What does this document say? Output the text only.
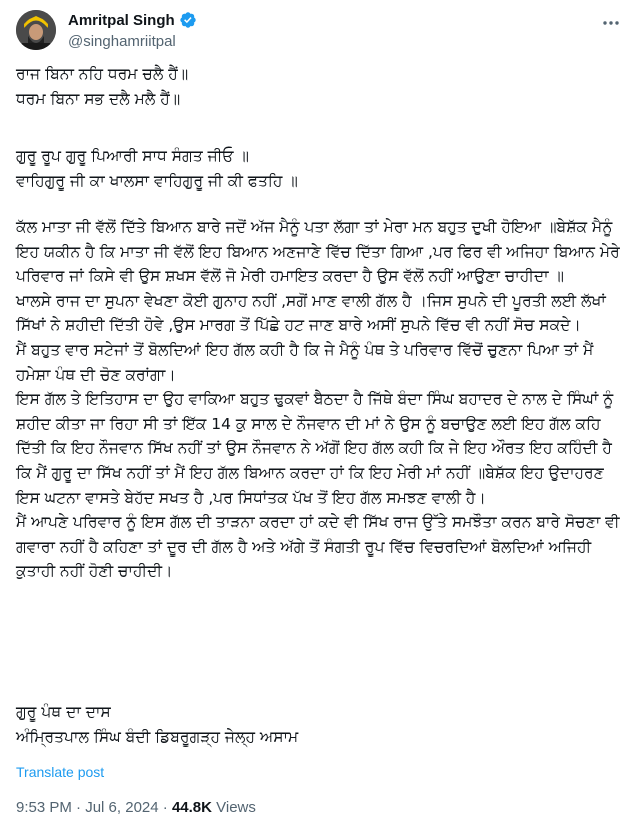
Amritpal Singh
@singhamriitpal
ਰਾਜ ਬਿਨਾ ਨਹਿ ਧਰਮ ਚਲੈ ਹੈਂ॥
ਧਰਮ ਬਿਨਾ ਸਭ ਦਲੈ ਮਲੈ ਹੈਂ॥
ਗੁਰੂ ਰੂਪ ਗੁਰੂ ਪਿਆਰੀ ਸਾਧ ਸੰਗਤ ਜੀਓ ॥
ਵਾਹਿਗੁਰੂ ਜੀ ਕਾ ਖਾਲਸਾ ਵਾਹਿਗੁਰੂ ਜੀ ਕੀ ਫਤਹਿ ॥
ਕੱਲ ਮਾਤਾ ਜੀ ਵੱਲੋਂ ਦਿੱਤੇ ਬਿਆਨ ਬਾਰੇ ਜਦੋਂ ਅੱਜ ਮੈਨੂੰ ਪਤਾ ਲੱਗਾ ਤਾਂ ਮੇਰਾ ਮਨ ਬਹੁਤ ਦੁਖੀ ਹੋਇਆ ॥ਬੇਸ਼ੱਕ ਮੈਨੂੰ ਇਹ ਯਕੀਨ ਹੈ ਕਿ ਮਾਤਾ ਜੀ ਵੱਲੋਂ ਇਹ ਬਿਆਨ ਅਣਜਾਣੇ ਵਿੱਚ ਦਿੱਤਾ ਗਿਆ ,ਪਰ ਫਿਰ ਵੀ ਅਜਿਹਾ ਬਿਆਨ ਮੇਰੇ ਪਰਿਵਾਰ ਜਾਂ ਕਿਸੇ ਵੀ ਉਸ ਸ਼ਖਸ ਵੱਲੋਂ ਜੋ ਮੇਰੀ ਹਮਾਇਤ ਕਰਦਾ ਹੈ ਉਸ ਵੱਲੋਂ ਨਹੀਂ ਆਉਣਾ ਚਾਹੀਦਾ ॥
ਖਾਲਸੇ ਰਾਜ ਦਾ ਸੁਪਨਾ ਵੇਖਣਾ ਕੋਈ ਗੁਨਾਹ ਨਹੀਂ ,ਸਗੋਂ ਮਾਣ ਵਾਲੀ ਗੱਲ ਹੈ ।ਜਿਸ ਸੁਪਨੇ ਦੀ ਪੂਰਤੀ ਲਈ ਲੱਖਾਂ ਸਿੱਖਾਂ ਨੇ ਸ਼ਹੀਦੀ ਦਿੱਤੀ ਹੋਵੇ ,ਉਸ ਮਾਰਗ ਤੋਂ ਪਿੱਛੇ ਹਟ ਜਾਣ ਬਾਰੇ ਅਸੀਂ ਸੁਪਨੇ ਵਿੱਚ ਵੀ ਨਹੀਂ ਸੋਚ ਸਕਦੇ।
ਮੈਂ ਬਹੁਤ ਵਾਰ ਸਟੇਜਾਂ ਤੋਂ ਬੋਲਦਿਆਂ ਇਹ ਗੱਲ ਕਹੀ ਹੈ ਕਿ ਜੇ ਮੈਨੂੰ ਪੰਥ ਤੇ ਪਰਿਵਾਰ ਵਿੱਚੋਂ ਚੁਣਨਾ ਪਿਆ ਤਾਂ ਮੈਂ ਹਮੇਸ਼ਾ ਪੰਥ ਦੀ ਚੋਣ ਕਰਾਂਗਾ।
ਇਸ ਗੱਲ ਤੇ ਇਤਿਹਾਸ ਦਾ ਉਹ ਵਾਕਿਆ ਬਹੁਤ ਢੁਕਵਾਂ ਬੈਠਦਾ ਹੈ ਜਿੱਥੇ ਬੰਦਾ ਸਿੰਘ ਬਹਾਦਰ ਦੇ ਨਾਲ ਦੇ ਸਿੰਘਾਂ ਨੂੰ ਸ਼ਹੀਦ ਕੀਤਾ ਜਾ ਰਿਹਾ ਸੀ ਤਾਂ ਇੱਕ 14 ਕੁ ਸਾਲ ਦੇ ਨੌਜਵਾਨ ਦੀ ਮਾਂ ਨੇ ਉਸ ਨੂੰ ਬਚਾਉਣ ਲਈ ਇਹ ਗੱਲ ਕਹਿ ਦਿੱਤੀ ਕਿ ਇਹ ਨੌਜਵਾਨ ਸਿੱਖ ਨਹੀਂ ਤਾਂ ਉਸ ਨੌਜਵਾਨ ਨੇ ਅੱਗੋਂ ਇਹ ਗੱਲ ਕਹੀ ਕਿ ਜੇ ਇਹ ਔਰਤ ਇਹ ਕਹਿੰਦੀ ਹੈ ਕਿ ਮੈਂ ਗੁਰੂ ਦਾ ਸਿੱਖ ਨਹੀਂ ਤਾਂ ਮੈਂ ਇਹ ਗੱਲ ਬਿਆਨ ਕਰਦਾ ਹਾਂ ਕਿ ਇਹ ਮੇਰੀ ਮਾਂ ਨਹੀਂ ॥ਬੇਸ਼ੱਕ ਇਹ ਉਦਾਹਰਣ ਇਸ ਘਟਨਾ ਵਾਸਤੇ ਬੇਹੱਦ ਸਖਤ ਹੈ ,ਪਰ ਸਿਧਾਂਤਕ ਪੱਖ ਤੋਂ ਇਹ ਗੱਲ ਸਮਝਣ ਵਾਲੀ ਹੈ।
ਮੈਂ ਆਪਣੇ ਪਰਿਵਾਰ ਨੂੰ ਇਸ ਗੱਲ ਦੀ ਤਾੜਨਾ ਕਰਦਾ ਹਾਂ ਕਦੇ ਵੀ ਸਿੱਖ ਰਾਜ ਉੱਤੇ ਸਮਝੌਤਾ ਕਰਨ ਬਾਰੇ ਸੋਚਣਾ ਵੀ ਗਵਾਰਾ ਨਹੀਂ ਹੈ ਕਹਿਣਾ ਤਾਂ ਦੂਰ ਦੀ ਗੱਲ ਹੈ ਅਤੇ ਅੱਗੇ ਤੋਂ ਸੰਗਤੀ ਰੂਪ ਵਿੱਚ ਵਿਚਰਦਿਆਂ ਬੋਲਦਿਆਂ ਅਜਿਹੀ ਕੁਤਾਹੀ ਨਹੀਂ ਹੋਣੀ ਚਾਹੀਦੀ।
ਗੁਰੂ ਪੰਥ ਦਾ ਦਾਸ
ਅੰਮ੍ਰਿਤਪਾਲ ਸਿੰਘ ਬੰਦੀ ਡਿਬਰੂਗੜ੍ਹ ਜੇਲ੍ਹ ਅਸਾਮ
Translate post
9:53 PM · Jul 6, 2024 · 44.8K Views
